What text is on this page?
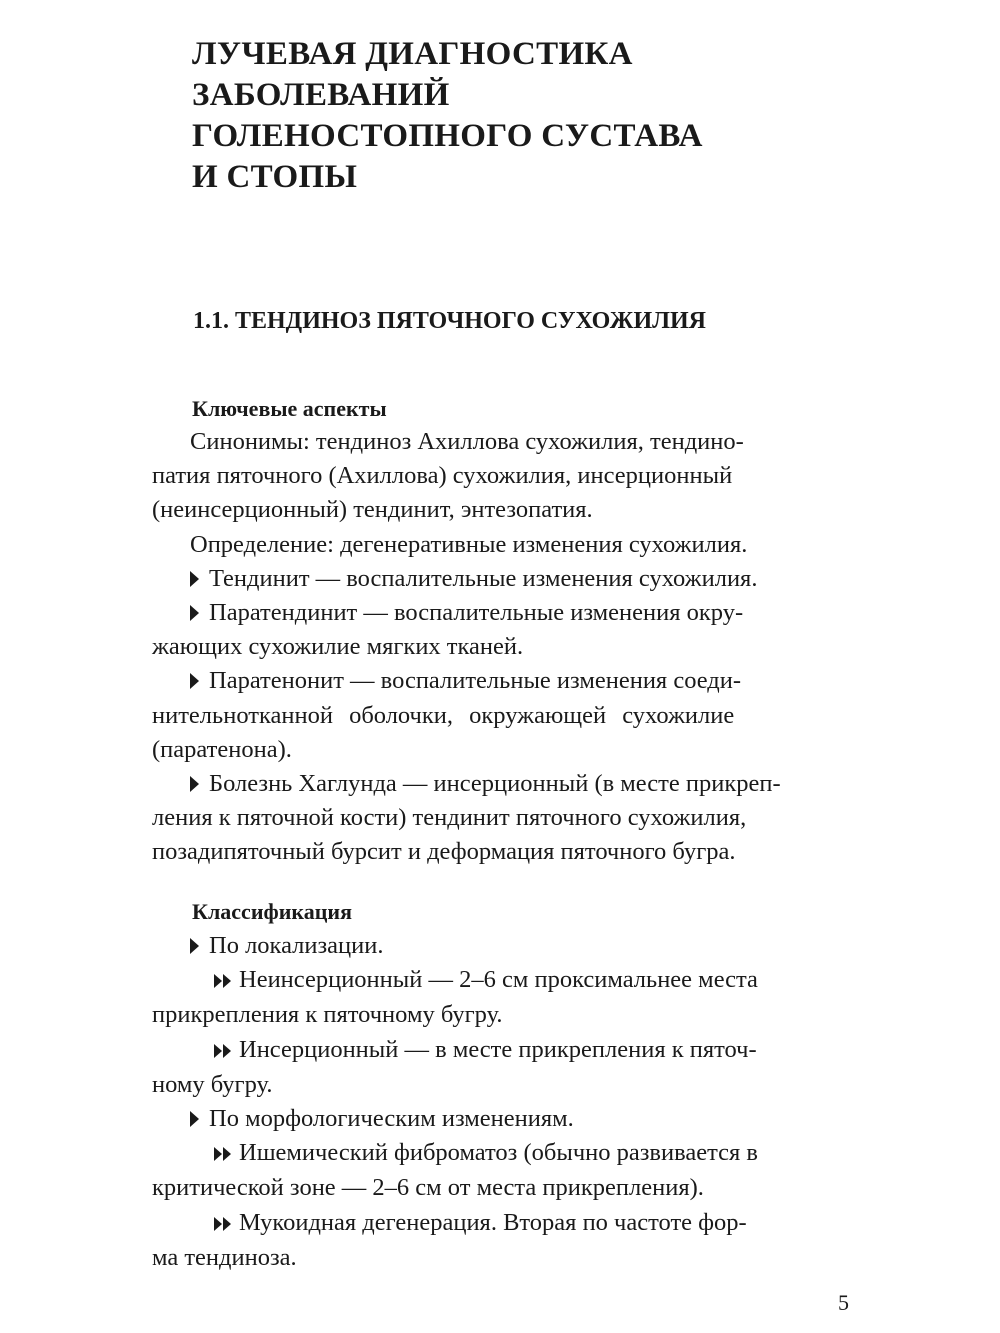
ЛУЧЕВАЯ ДИАГНОСТИКА
ЗАБОЛЕВАНИЙ
ГОЛЕНОСТОПНОГО СУСТАВА
И СТОПЫ
1.1. ТЕНДИНОЗ ПЯТОЧНОГО СУХОЖИЛИЯ
Ключевые аспекты
Синонимы: тендиноз Ахиллова сухожилия, тендино-
патия пяточного (Ахиллова) сухожилия, инсерционный
(неинсерционный) тендинит, энтезопатия.
Определение: дегенеративные изменения сухожилия.
Тендинит — воспалительные изменения сухожилия.
Паратендинит — воспалительные изменения окру-
жающих сухожилие мягких тканей.
Паратенонит — воспалительные изменения соеди-
нительнотканной оболочки, окружающей сухожилие
(паратенона).
Болезнь Хаглунда — инсерционный (в месте прикреп-
ления к пяточной кости) тендинит пяточного сухожилия,
позадипяточный бурсит и деформация пяточного бугра.
Классификация
По локализации.
Неинсерционный — 2–6 см проксимальнее места
прикрепления к пяточному бугру.
Инсерционный — в месте прикрепления к пяточ-
ному бугру.
По морфологическим изменениям.
Ишемический фиброматоз (обычно развивается в
критической зоне — 2–6 см от места прикрепления).
Мукоидная дегенерация. Вторая по частоте фор-
ма тендиноза.
5
